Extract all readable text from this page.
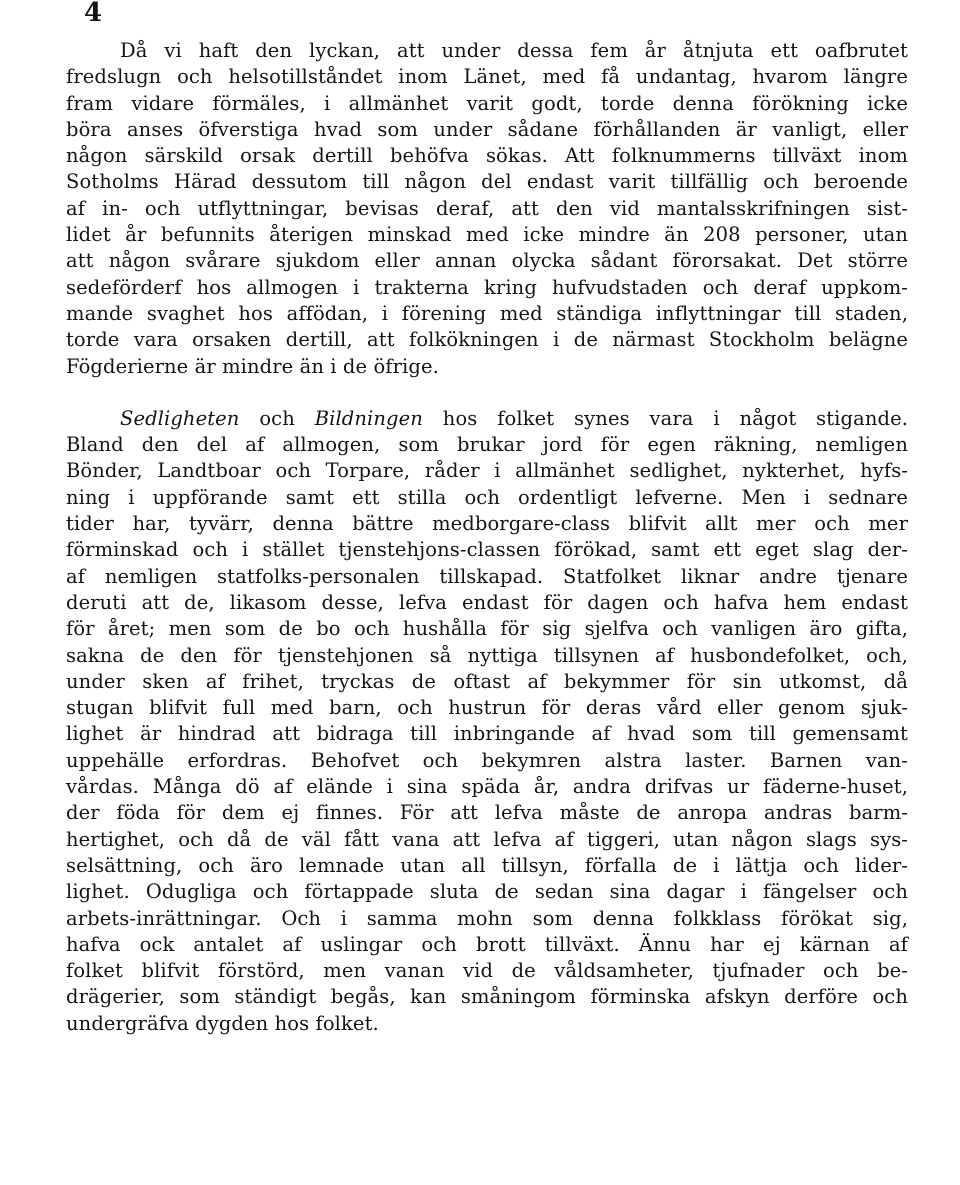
4
Då vi haft den lyckan, att under dessa fem år åtnjuta ett oafbrutet
fredslugn och helsotillståndet inom Länet, med få undantag, hvarom längre
fram vidare förmäles, i allmänhet varit godt, torde denna förökning icke
böra anses öfverstiga hvad som under sådane förhållanden är vanligt, eller
någon särskild orsak dertill behöfva sökas. Att folknummerns tillväxt inom
Sotholms Härad dessutom till någon del endast varit tillfällig och beroende
af in- och utflyttningar, bevisas deraf, att den vid mantalsskrifningen sist-
lidet år befunnits återigen minskad med icke mindre än 208 personer, utan
att någon svårare sjukdom eller annan olycka sådant förorsakat. Det större
sedeförderf hos allmogen i trakterna kring hufvudstaden och deraf uppkom-
mande svaghet hos affödan, i förening med ständiga inflyttningar till staden,
torde vara orsaken dertill, att folkökningen i de närmast Stockholm belägne
Fögderierne är mindre än i de öfrige.
Sedligheten och Bildningen hos folket synes vara i något stigande.
Bland den del af allmogen, som brukar jord för egen räkning, nemligen
Bönder, Landtboar och Torpare, råder i allmänhet sedlighet, nykterhet, hyfs-
ning i uppförande samt ett stilla och ordentligt lefverne. Men i sednare
tider har, tyvärr, denna bättre medborgare-class blifvit allt mer och mer
förminskad och i stället tjenstehjons-classen förökad, samt ett eget slag der-
af nemligen statfolks-personalen tillskapad. Statfolket liknar andre tjenare
deruti att de, likasom desse, lefva endast för dagen och hafva hem endast
för året; men som de bo och hushålla för sig sjelfva och vanligen äro gifta,
sakna de den för tjenstehjonen så nyttiga tillsynen af husbondefolket, och,
under sken af frihet, tryckas de oftast af bekymmer för sin utkomst, då
stugan blifvit full med barn, och hustrun för deras vård eller genom sjuk-
lighet är hindrad att bidraga till inbringande af hvad som till gemensamt
uppehälle erfordras. Behofvet och bekymren alstra laster. Barnen van-
vårdas. Många dö af elände i sina späda år, andra drifvas ur fäderne-huset,
der föda för dem ej finnes. För att lefva måste de anropa andras barm-
hertighet, och då de väl fått vana att lefva af tiggeri, utan någon slags sys-
selsättning, och äro lemnade utan all tillsyn, förfalla de i lättja och lider-
lighet. Odugliga och förtappade sluta de sedan sina dagar i fängelser och
arbets-inrättningar. Och i samma mohn som denna folkklass förökat sig,
hafva ock antalet af uslingar och brott tillväxt. Ännu har ej kärnan af
folket blifvit förstörd, men vanan vid de våldsamheter, tjufnader och be-
drägerier, som ständigt begås, kan småningom förminska afskyn derföre och
undergräfva dygden hos folket.
